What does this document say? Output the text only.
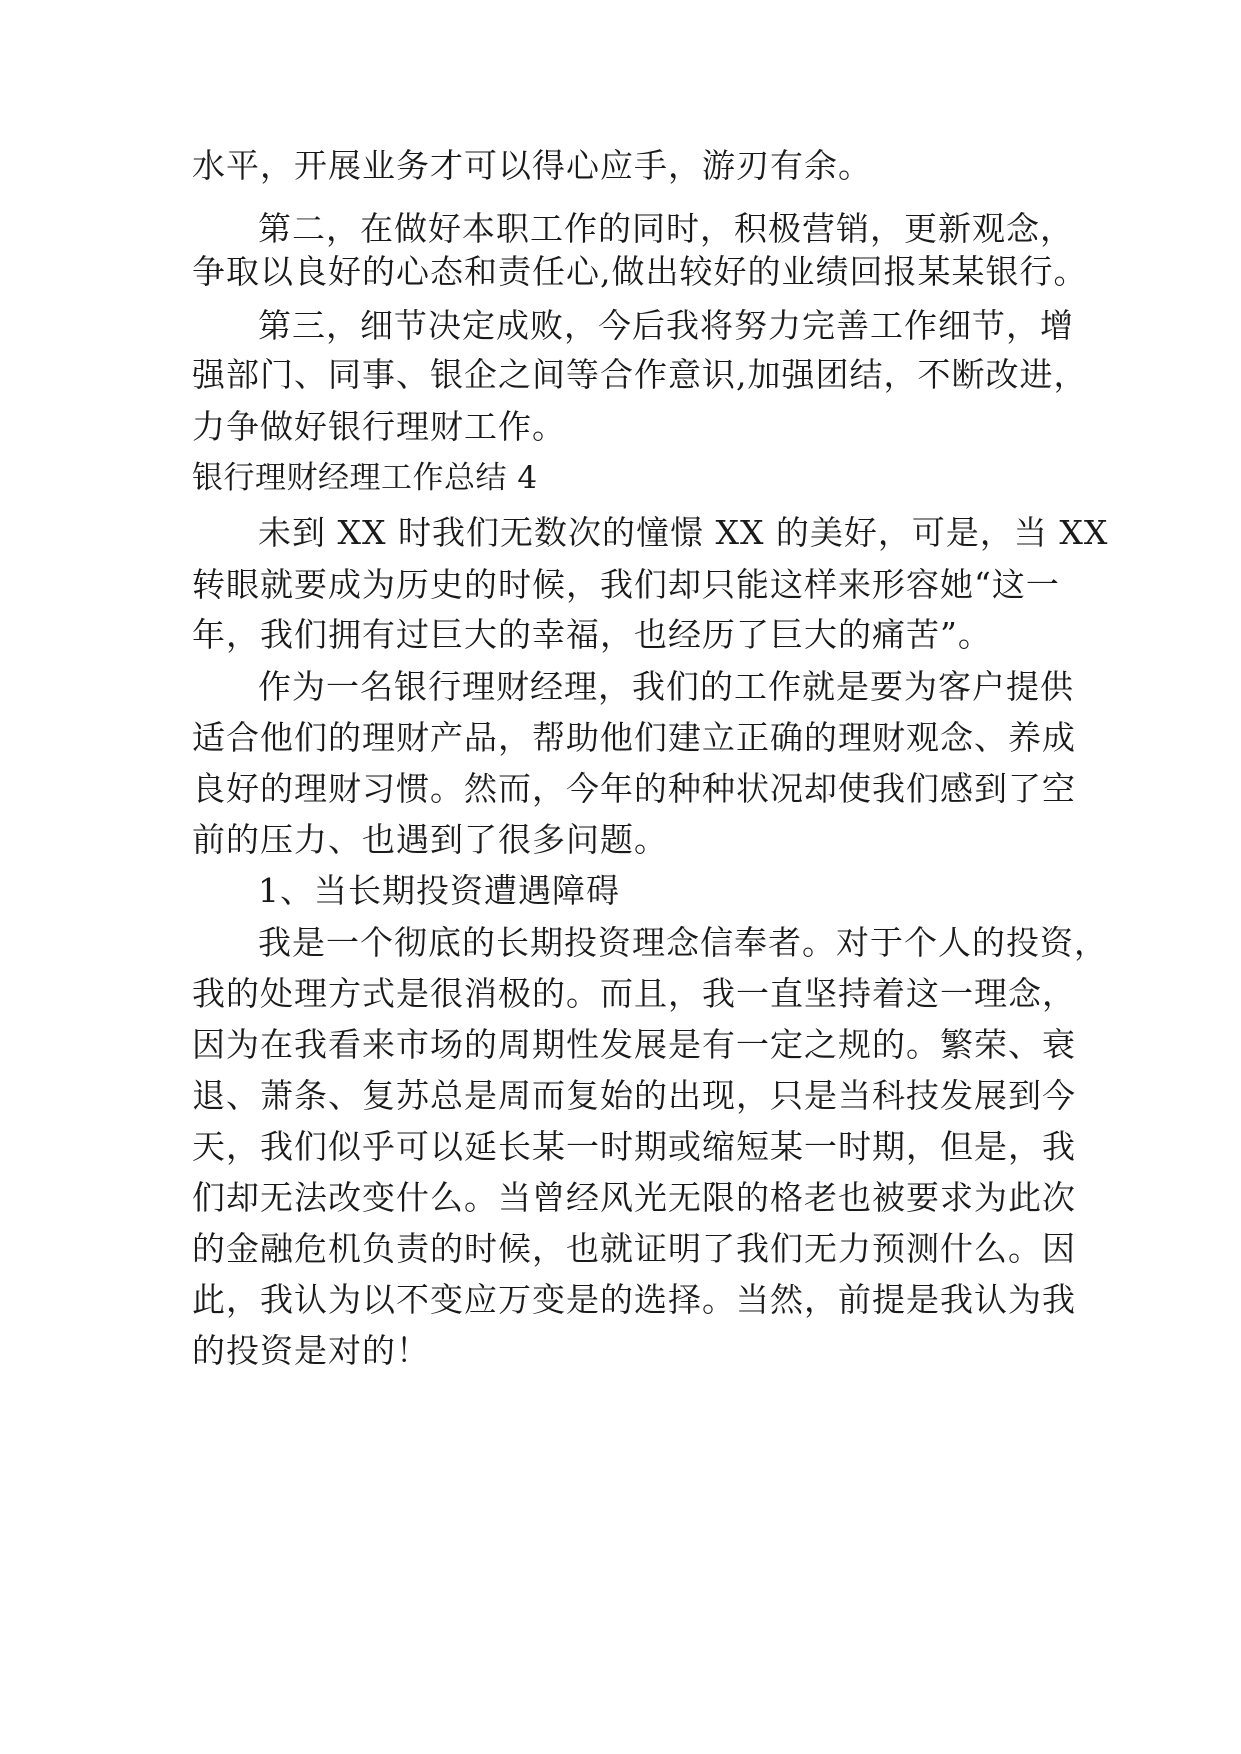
水平，开展业务才可以得心应手，游刃有余。
第二，在做好本职工作的同时，积极营销，更新观念，
争取以良好的心态和责任心,做出较好的业绩回报某某银行。
第三，细节决定成败，今后我将努力完善工作细节，增
强部门、同事、银企之间等合作意识,加强团结，不断改进，
力争做好银行理财工作。
银行理财经理工作总结 4
未到 XX 时我们无数次的憧憬 XX 的美好，可是，当 XX
转眼就要成为历史的时候，我们却只能这样来形容她“这一
年，我们拥有过巨大的幸福，也经历了巨大的痛苦”。
作为一名银行理财经理，我们的工作就是要为客户提供
适合他们的理财产品，帮助他们建立正确的理财观念、养成
良好的理财习惯。然而，今年的种种状况却使我们感到了空
前的压力、也遇到了很多问题。
1、当长期投资遭遇障碍
我是一个彻底的长期投资理念信奉者。对于个人的投资，
我的处理方式是很消极的。而且，我一直坚持着这一理念，
因为在我看来市场的周期性发展是有一定之规的。繁荣、衰
退、萧条、复苏总是周而复始的出现，只是当科技发展到今
天，我们似乎可以延长某一时期或缩短某一时期，但是，我
们却无法改变什么。当曾经风光无限的格老也被要求为此次
的金融危机负责的时候，也就证明了我们无力预测什么。因
此，我认为以不变应万变是的选择。当然，前提是我认为我
的投资是对的！
